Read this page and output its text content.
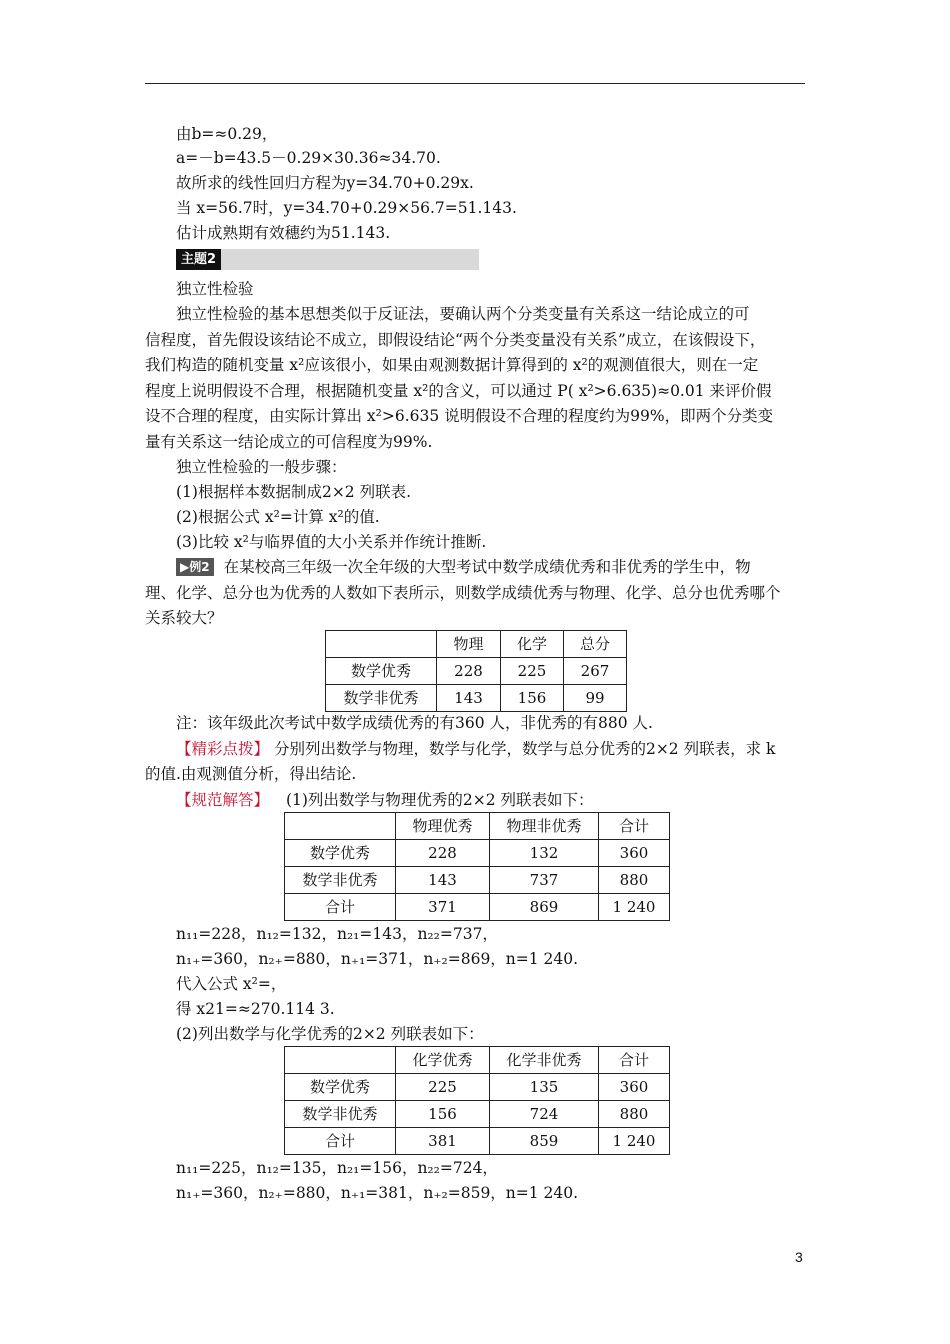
由b=≈0.29，
a=－b=43.5－0.29×30.36≈34.70.
故所求的线性回归方程为y=34.70+0.29x.
当 x=56.7时，y=34.70+0.29×56.7=51.143.
估计成熟期有效穗约为51.143.
主题2
独立性检验
独立性检验的基本思想类似于反证法，要确认两个分类变量有关系这一结论成立的可
信程度，首先假设该结论不成立，即假设结论“两个分类变量没有关系”成立，在该假设下，
我们构造的随机变量 x²应该很小，如果由观测数据计算得到的 x²的观测值很大，则在一定
程度上说明假设不合理，根据随机变量 x²的含义，可以通过 P( x²>6.635)≈0.01 来评价假
设不合理的程度，由实际计算出 x²>6.635 说明假设不合理的程度约为99%，即两个分类变
量有关系这一结论成立的可信程度为99%.
独立性检验的一般步骤：
(1)根据样本数据制成2×2 列联表.
(2)根据公式 x²=计算 x²的值.
(3)比较 x²与临界值的大小关系并作统计推断.
▶例2 在某校高三年级一次全年级的大型考试中数学成绩优秀和非优秀的学生中，物
理、化学、总分也为优秀的人数如下表所示，则数学成绩优秀与物理、化学、总分也优秀哪个
关系较大？
	物理	化学	总分
数学优秀	228	225	267
数学非优秀	143	156	99
注：该年级此次考试中数学成绩优秀的有360 人，非优秀的有880 人.
【精彩点拨】 分别列出数学与物理，数学与化学，数学与总分优秀的2×2 列联表，求 k
的值.由观测值分析，得出结论.
【规范解答】 (1)列出数学与物理优秀的2×2 列联表如下：
	物理优秀	物理非优秀	合计
数学优秀	228	132	360
数学非优秀	143	737	880
合计	371	869	1 240
n₁₁=228，n₁₂=132，n₂₁=143，n₂₂=737，
n₁₊=360，n₂₊=880，n₊₁=371，n₊₂=869，n=1 240.
代入公式 x²=，
得 x21=≈270.114 3.
(2)列出数学与化学优秀的2×2 列联表如下：
	化学优秀	化学非优秀	合计
数学优秀	225	135	360
数学非优秀	156	724	880
合计	381	859	1 240
n₁₁=225，n₁₂=135，n₂₁=156，n₂₂=724，
n₁₊=360，n₂₊=880，n₊₁=381，n₊₂=859，n=1 240.
3
